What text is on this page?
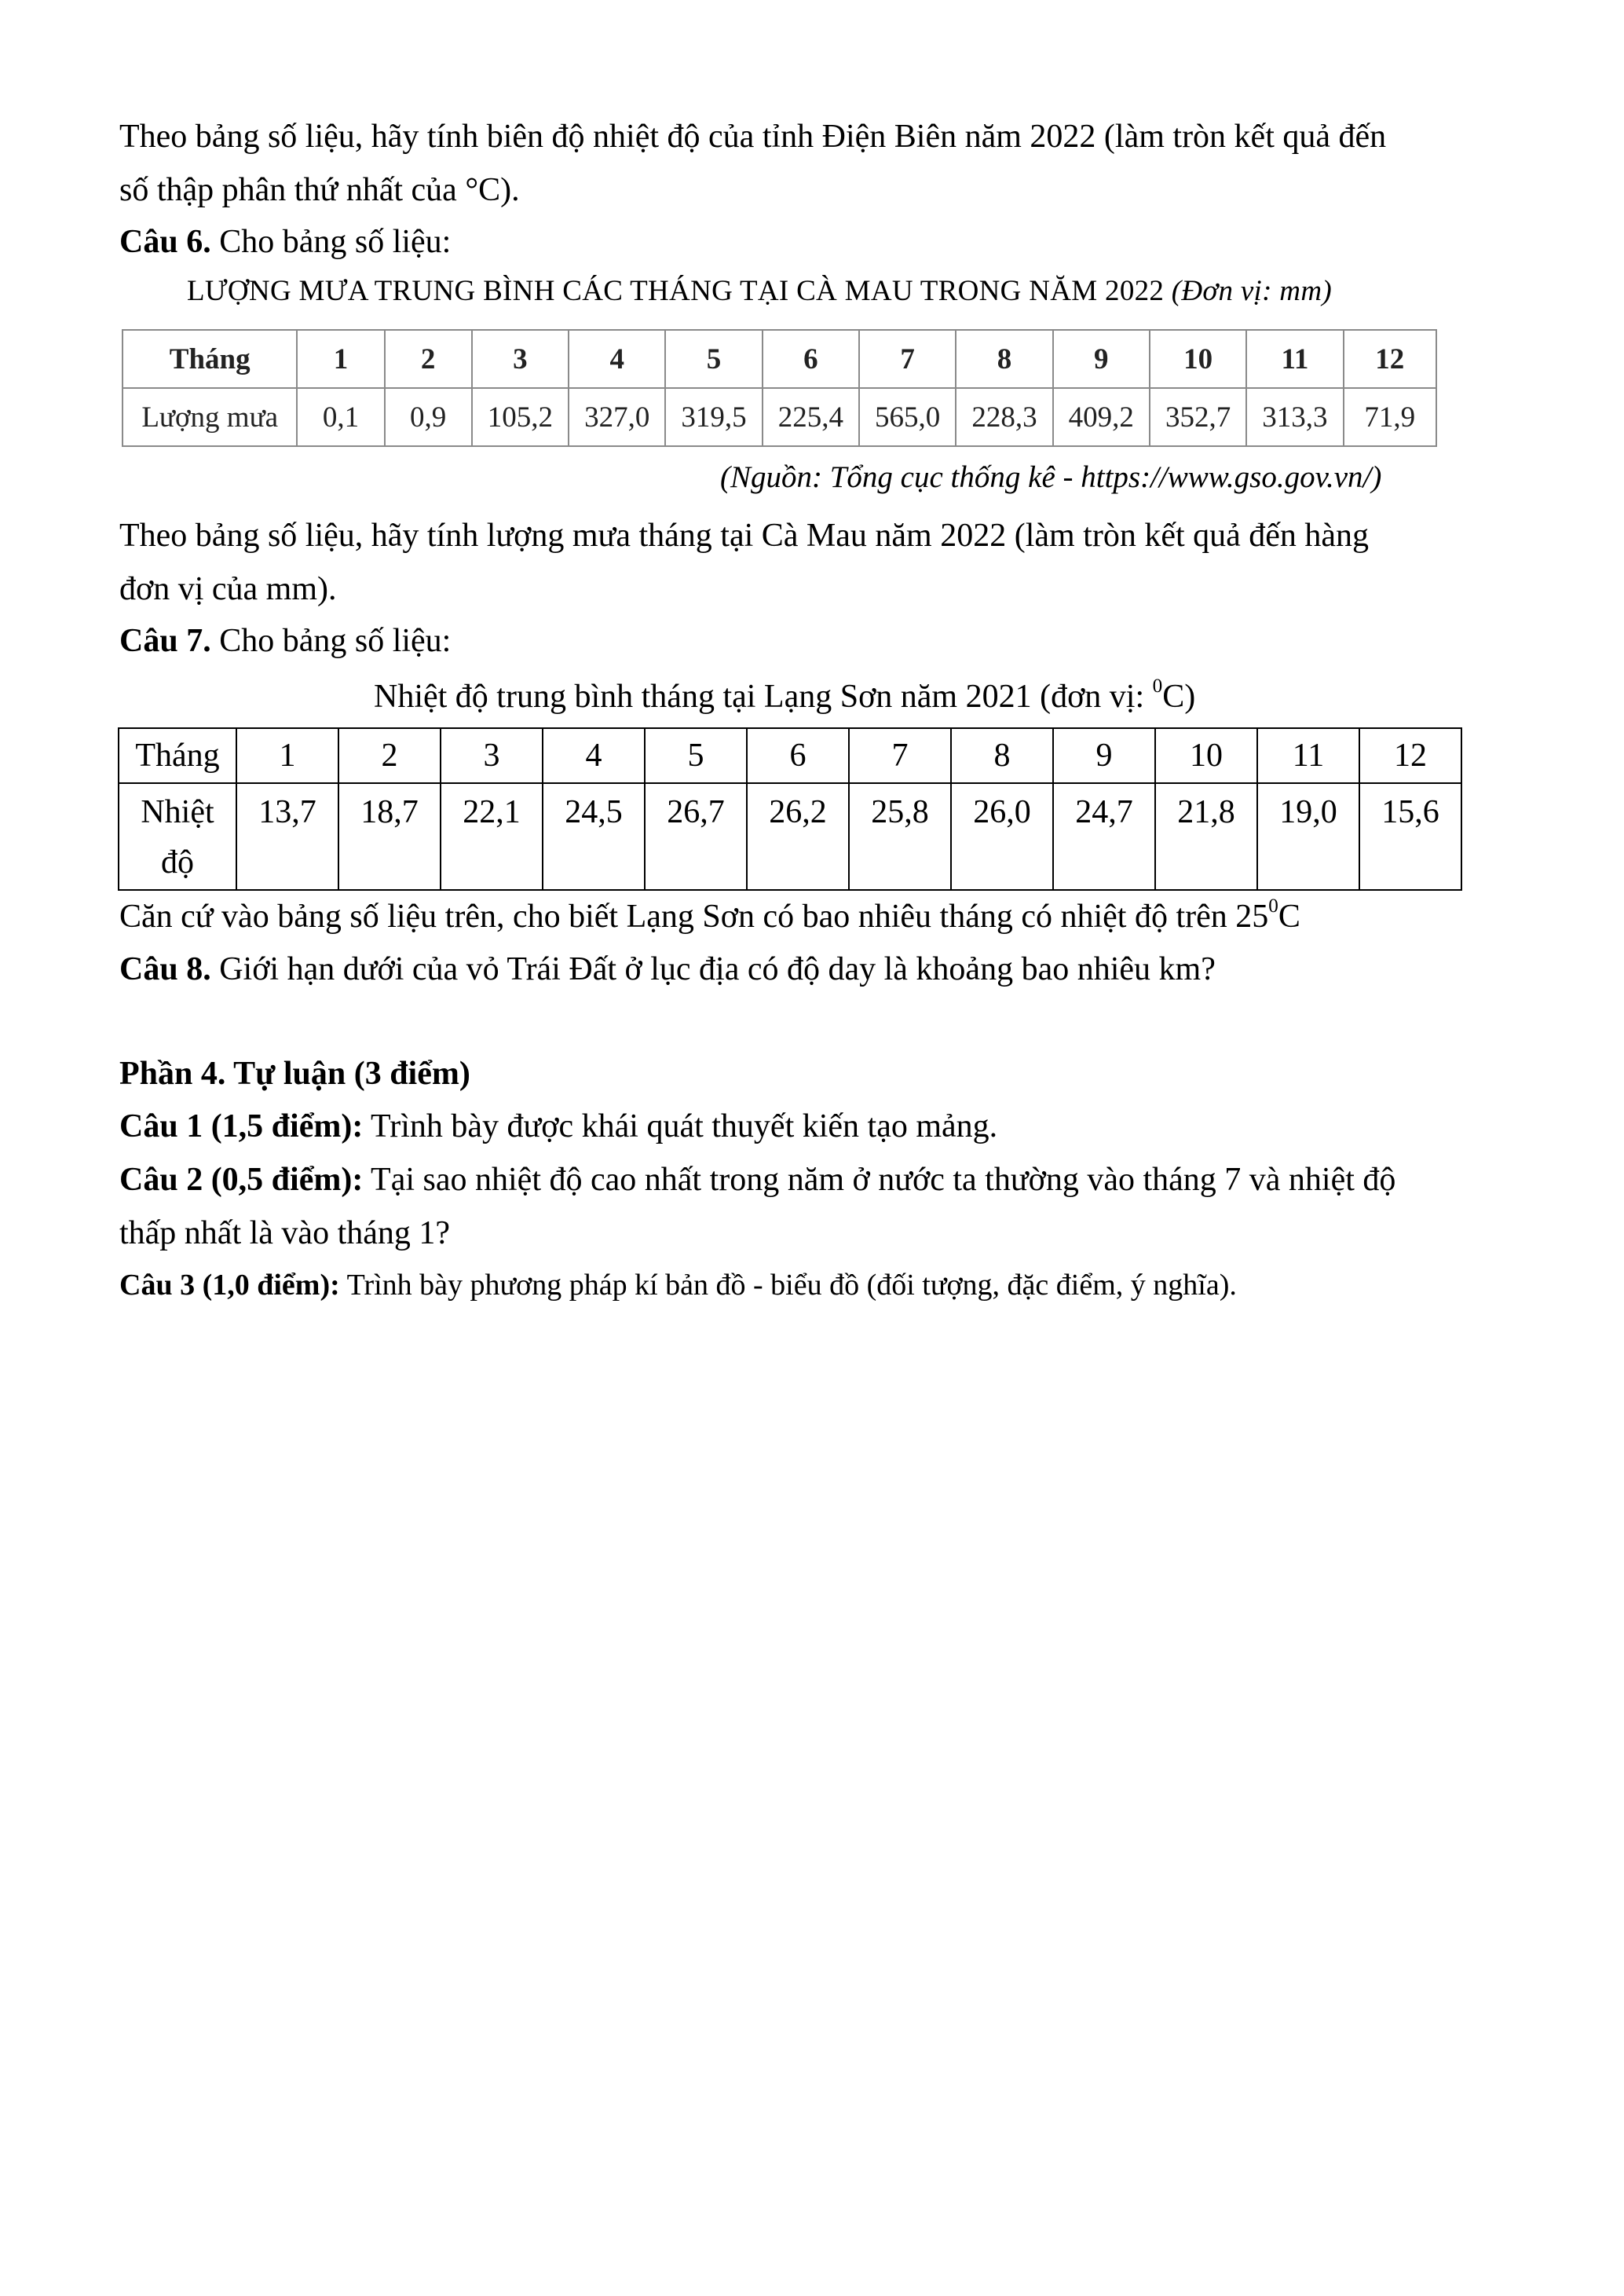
Theo bảng số liệu, hãy tính biên độ nhiệt độ của tỉnh Điện Biên năm 2022 (làm tròn kết quả đến
số thập phân thứ nhất của °C).
Câu 6. Cho bảng số liệu:
LƯỢNG MƯA TRUNG BÌNH CÁC THÁNG TẠI CÀ MAU TRONG NĂM 2022 (Đơn vị: mm)
Tháng	1	2	3	4	5	6	7	8	9	10	11	12
Lượng mưa	0,1	0,9	105,2	327,0	319,5	225,4	565,0	228,3	409,2	352,7	313,3	71,9
(Nguồn: Tổng cục thống kê - https://www.gso.gov.vn/)
Theo bảng số liệu, hãy tính lượng mưa tháng tại Cà Mau năm 2022 (làm tròn kết quả đến hàng
đơn vị của mm).
Câu 7. Cho bảng số liệu:
Nhiệt độ trung bình tháng tại Lạng Sơn năm 2021 (đơn vị: $^0$C)
Tháng	1	2	3	4	5	6	7	8	9	10	11	12
Nhiệt
độ	13,7	18,7	22,1	24,5	26,7	26,2	25,8	26,0	24,7	21,8	19,0	15,6
Căn cứ vào bảng số liệu trên, cho biết Lạng Sơn có bao nhiêu tháng có nhiệt độ trên $25^0C$
Câu 8. Giới hạn dưới của vỏ Trái Đất ở lục địa có độ day là khoảng bao nhiêu km?
Phần 4. Tự luận (3 điểm)
Câu 1 (1,5 điểm): Trình bày được khái quát thuyết kiến tạo mảng.
Câu 2 (0,5 điểm): Tại sao nhiệt độ cao nhất trong năm ở nước ta thường vào tháng 7 và nhiệt độ
thấp nhất là vào tháng 1?
Câu 3 (1,0 điểm): Trình bày phương pháp kí bản đồ - biểu đồ (đối tượng, đặc điểm, ý nghĩa).
